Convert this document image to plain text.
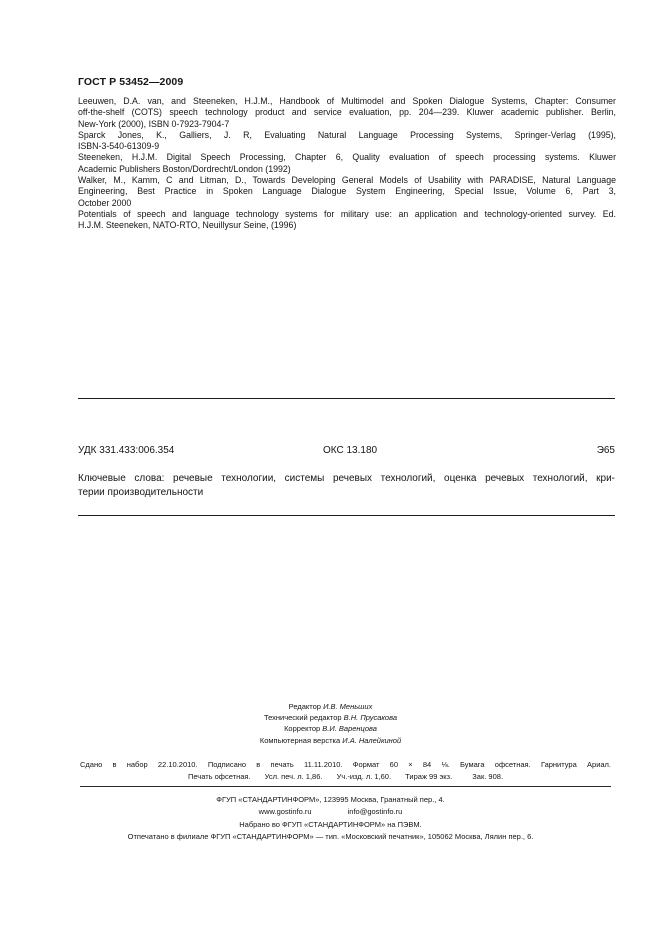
ГОСТ Р 53452—2009
Leeuwen, D.A. van, and Steeneken, H.J.M., Handbook of Multimodel and Spoken Dialogue Systems, Chapter: Consumer
off-the-shelf (COTS) speech technology product and service evaluation, pp. 204—239. Kluwer academic publisher. Berlin,
New-York (2000), ISBN 0-7923-7904-7
Sparck Jones, K., Galliers, J. R, Evaluating Natural Language Processing Systems, Springer-Verlag (1995),
ISBN-3-540-61309-9
Steeneken, H.J.M. Digital Speech Processing, Chapter 6, Quality evaluation of speech processing systems. Kluwer
Academic Publishers Boston/Dordrecht/London (1992)
Walker, M., Kamm, C and Litman, D., Towards Developing General Models of Usability with PARADISE, Natural Language
Engineering, Best Practice in Spoken Language Dialogue System Engineering, Special Issue, Volume 6, Part 3,
October 2000
Potentials of speech and language technology systems for military use: an application and technology-oriented survey. Ed.
H.J.M. Steeneken, NATO-RTO, Neuillysur Seine, (1996)
УДК 331.433:006.354	ОКС 13.180	Э65
Ключевые слова: речевые технологии, системы речевых технологий, оценка речевых технологий, кри-
терии производительности
Редактор И.В. Меньших
Технический редактор В.Н. Прусакова
Корректор В.И. Варенцова
Компьютерная верстка И.А. Налейкиной
Сдано в набор 22.10.2010. Подписано в печать 11.11.2010. Формат 60 × 84 ⅛. Бумага офсетная. Гарнитура Ариал.
Печать офсетная. Усл. печ. л. 1,86. Уч.-изд. л. 1,60. Тираж 99 экз.	Зак. 908.
ФГУП «СТАНДАРТИНФОРМ», 123995 Москва, Гранатный пер., 4.
www.gostinfo.ru	info@gostinfo.ru
Набрано во ФГУП «СТАНДАРТИНФОРМ» на ПЭВМ.
Отпечатано в филиале ФГУП «СТАНДАРТИНФОРМ» — тип. «Московский печатник», 105062 Москва, Лялин пер., 6.
